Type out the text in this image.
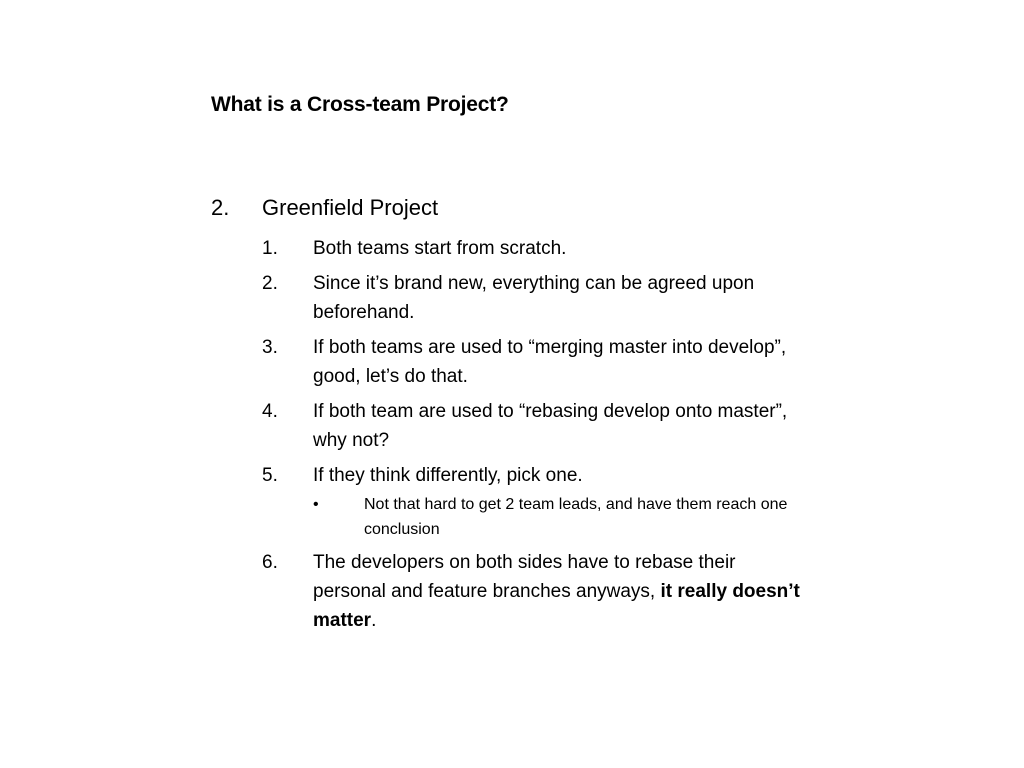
What is a Cross-team Project?
2. Greenfield Project
1. Both teams start from scratch.
2. Since it’s brand new, everything can be agreed upon beforehand.
3. If both teams are used to “merging master into develop”, good, let’s do that.
4. If both team are used to “rebasing develop onto master”, why not?
5. If they think differently, pick one.
•	Not that hard to get 2 team leads, and have them reach one conclusion
6. The developers on both sides have to rebase their personal and feature branches anyways, it really doesn’t matter.
